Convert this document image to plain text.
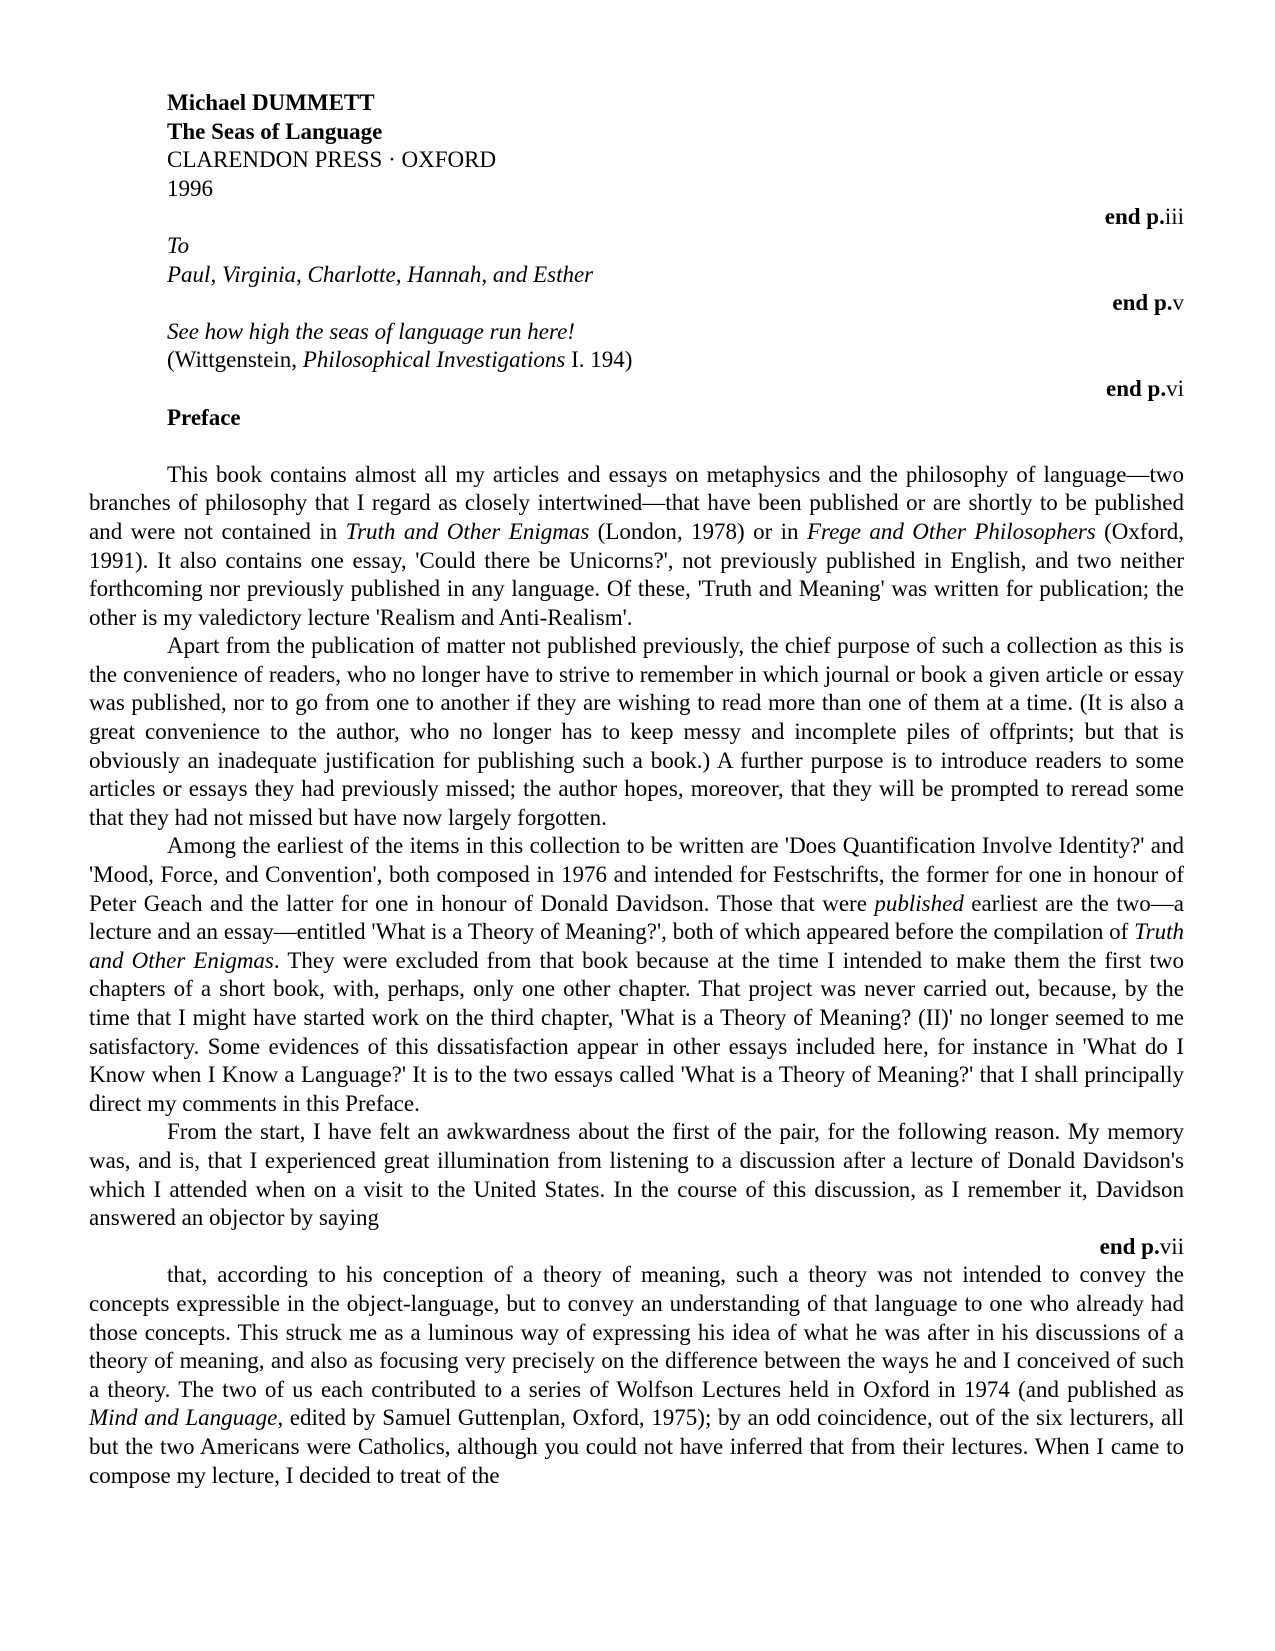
Michael DUMMETT
The Seas of Language
CLARENDON PRESS · OXFORD
1996
end p.iii
To
Paul, Virginia, Charlotte, Hannah, and Esther
end p.v
See how high the seas of language run here!
(Wittgenstein, Philosophical Investigations I. 194)
end p.vi
Preface

This book contains almost all my articles and essays on metaphysics and the philosophy of language—two branches of philosophy that I regard as closely intertwined—that have been published or are shortly to be published and were not contained in Truth and Other Enigmas (London, 1978) or in Frege and Other Philosophers (Oxford, 1991). It also contains one essay, 'Could there be Unicorns?', not previously published in English, and two neither forthcoming nor previously published in any language. Of these, 'Truth and Meaning' was written for publication; the other is my valedictory lecture 'Realism and Anti-Realism'.

Apart from the publication of matter not published previously, the chief purpose of such a collection as this is the convenience of readers, who no longer have to strive to remember in which journal or book a given article or essay was published, nor to go from one to another if they are wishing to read more than one of them at a time. (It is also a great convenience to the author, who no longer has to keep messy and incomplete piles of offprints; but that is obviously an inadequate justification for publishing such a book.) A further purpose is to introduce readers to some articles or essays they had previously missed; the author hopes, moreover, that they will be prompted to reread some that they had not missed but have now largely forgotten.

Among the earliest of the items in this collection to be written are 'Does Quantification Involve Identity?' and 'Mood, Force, and Convention', both composed in 1976 and intended for Festschrifts, the former for one in honour of Peter Geach and the latter for one in honour of Donald Davidson. Those that were published earliest are the two—a lecture and an essay—entitled 'What is a Theory of Meaning?', both of which appeared before the compilation of Truth and Other Enigmas. They were excluded from that book because at the time I intended to make them the first two chapters of a short book, with, perhaps, only one other chapter. That project was never carried out, because, by the time that I might have started work on the third chapter, 'What is a Theory of Meaning? (II)' no longer seemed to me satisfactory. Some evidences of this dissatisfaction appear in other essays included here, for instance in 'What do I Know when I Know a Language?' It is to the two essays called 'What is a Theory of Meaning?' that I shall principally direct my comments in this Preface.

From the start, I have felt an awkwardness about the first of the pair, for the following reason. My memory was, and is, that I experienced great illumination from listening to a discussion after a lecture of Donald Davidson's which I attended when on a visit to the United States. In the course of this discussion, as I remember it, Davidson answered an objector by saying

end p.vii

that, according to his conception of a theory of meaning, such a theory was not intended to convey the concepts expressible in the object-language, but to convey an understanding of that language to one who already had those concepts. This struck me as a luminous way of expressing his idea of what he was after in his discussions of a theory of meaning, and also as focusing very precisely on the difference between the ways he and I conceived of such a theory. The two of us each contributed to a series of Wolfson Lectures held in Oxford in 1974 (and published as Mind and Language, edited by Samuel Guttenplan, Oxford, 1975); by an odd coincidence, out of the six lecturers, all but the two Americans were Catholics, although you could not have inferred that from their lectures. When I came to compose my lecture, I decided to treat of the
